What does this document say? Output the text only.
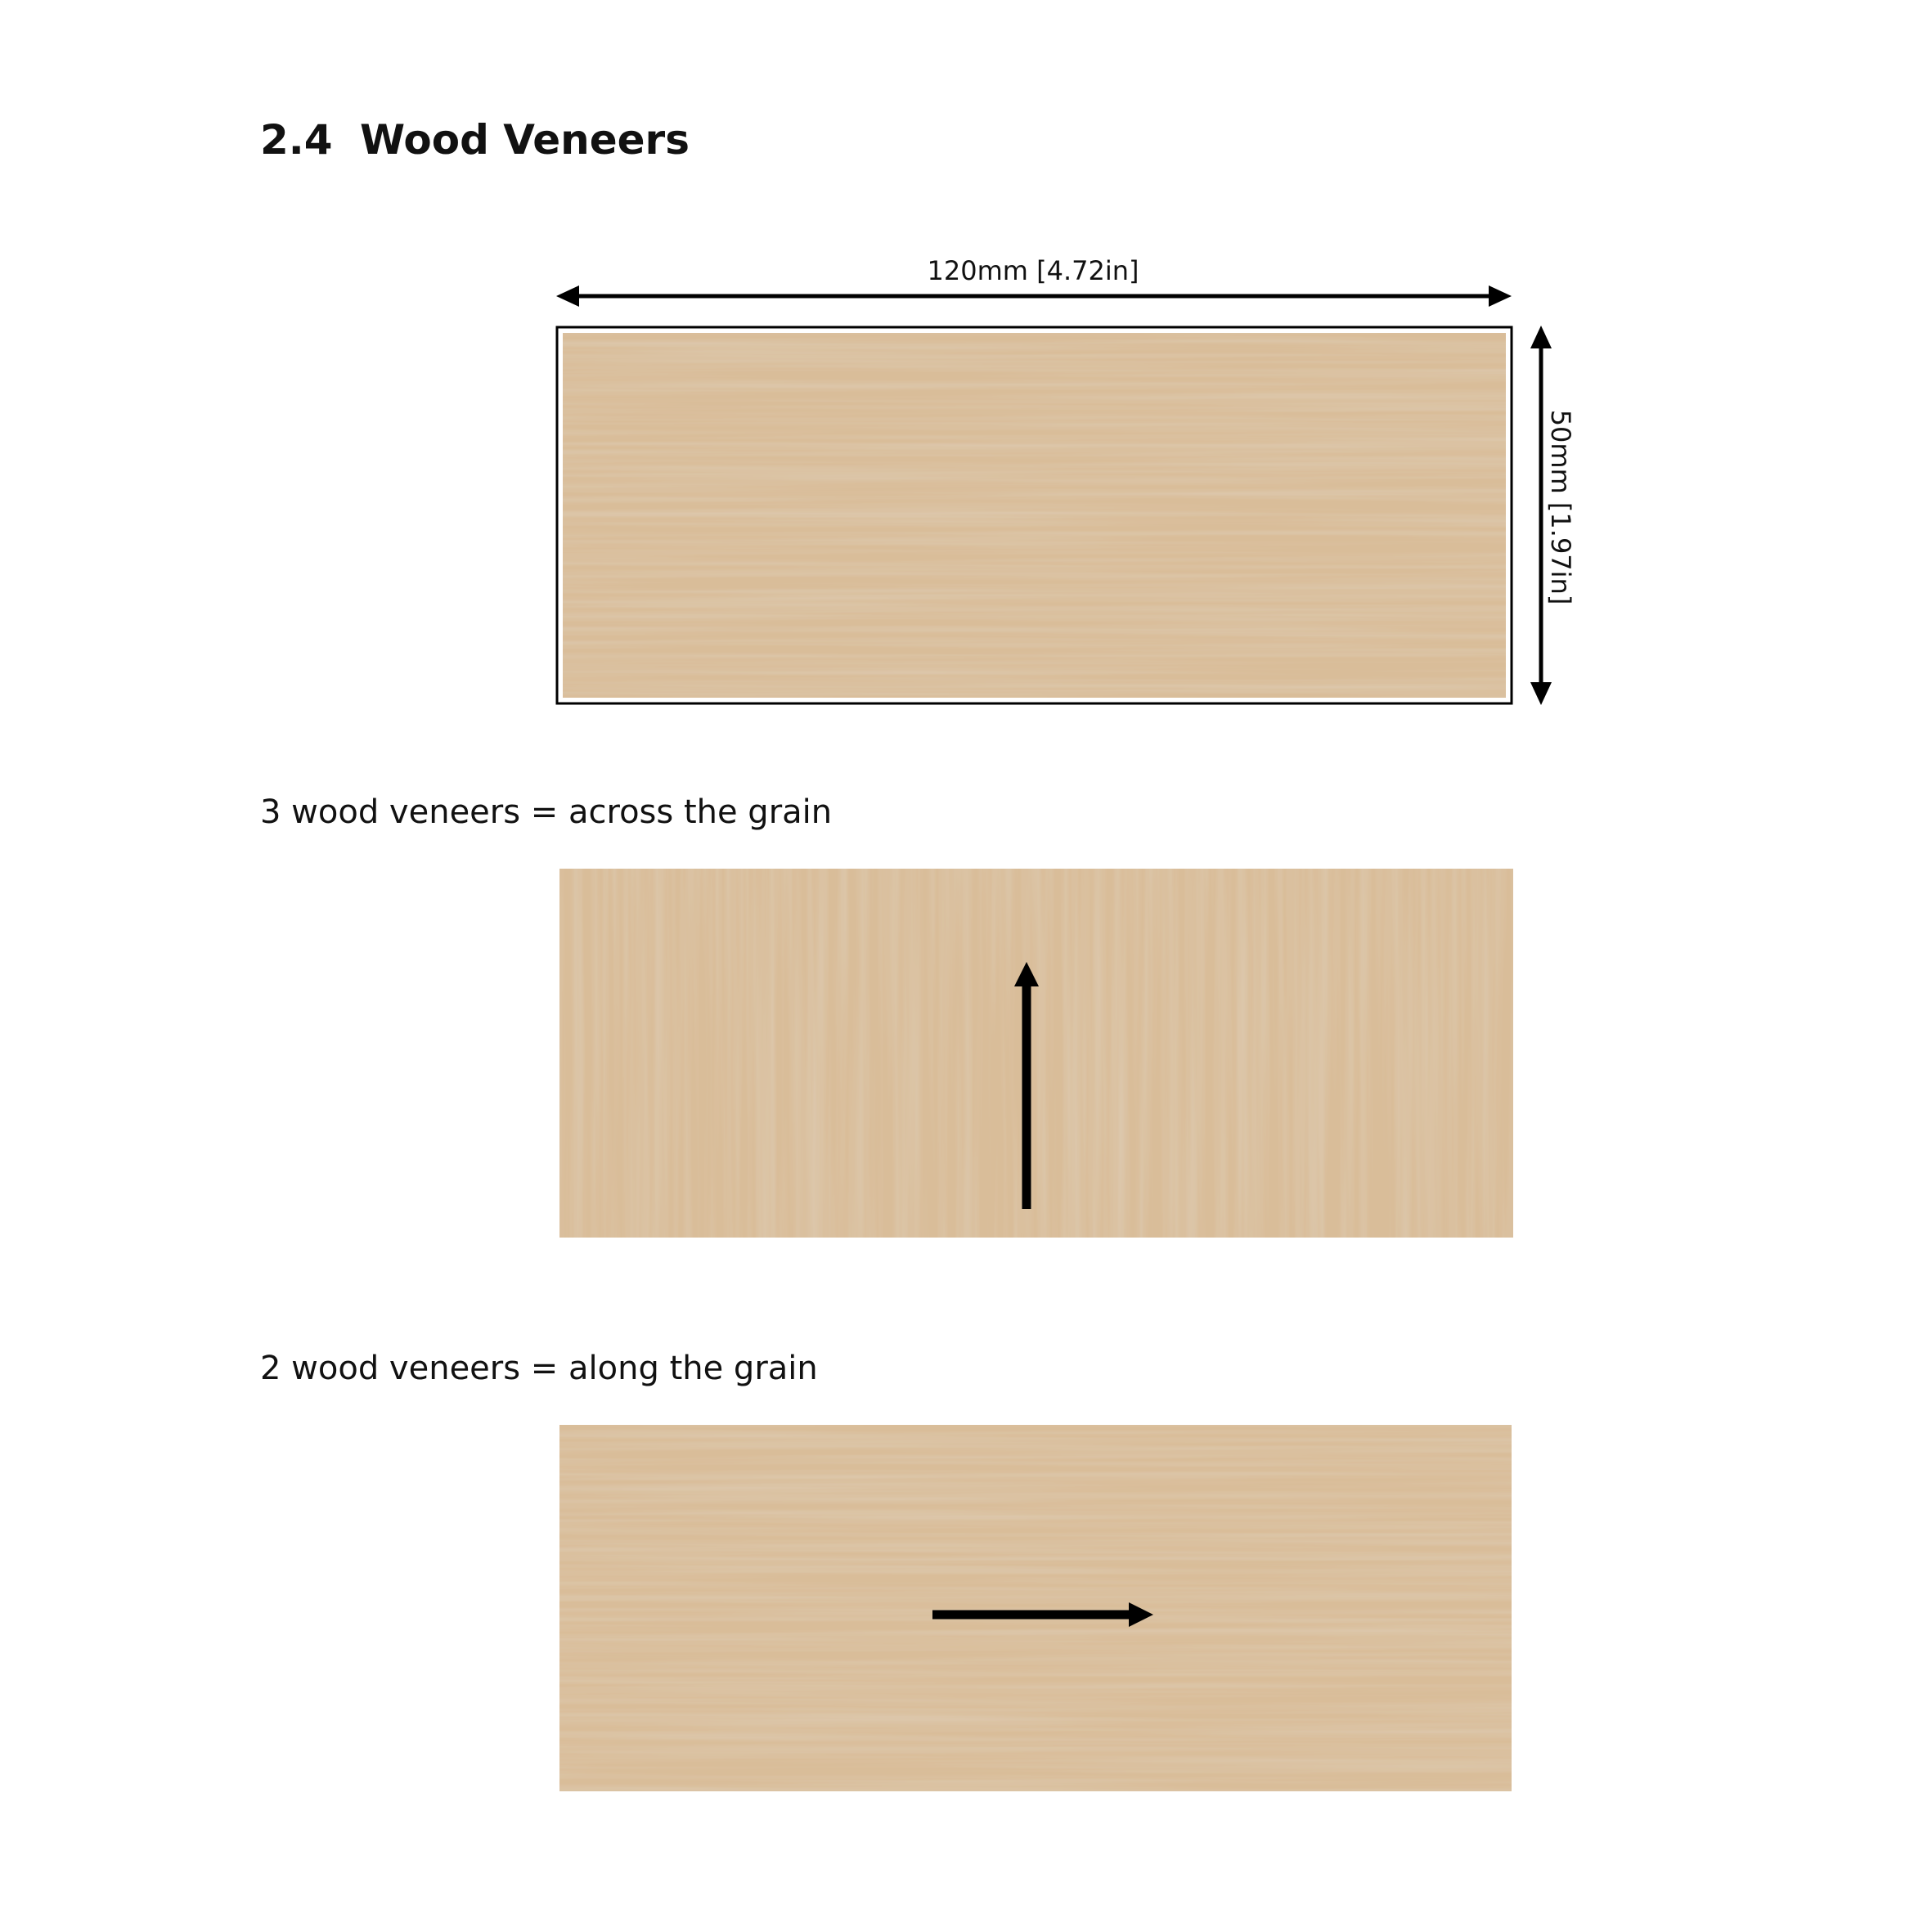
2.4 Wood Veneers
120mm [4.72in]
50mm [1.97in]
3 wood veneers = across the grain
2 wood veneers = along the grain
